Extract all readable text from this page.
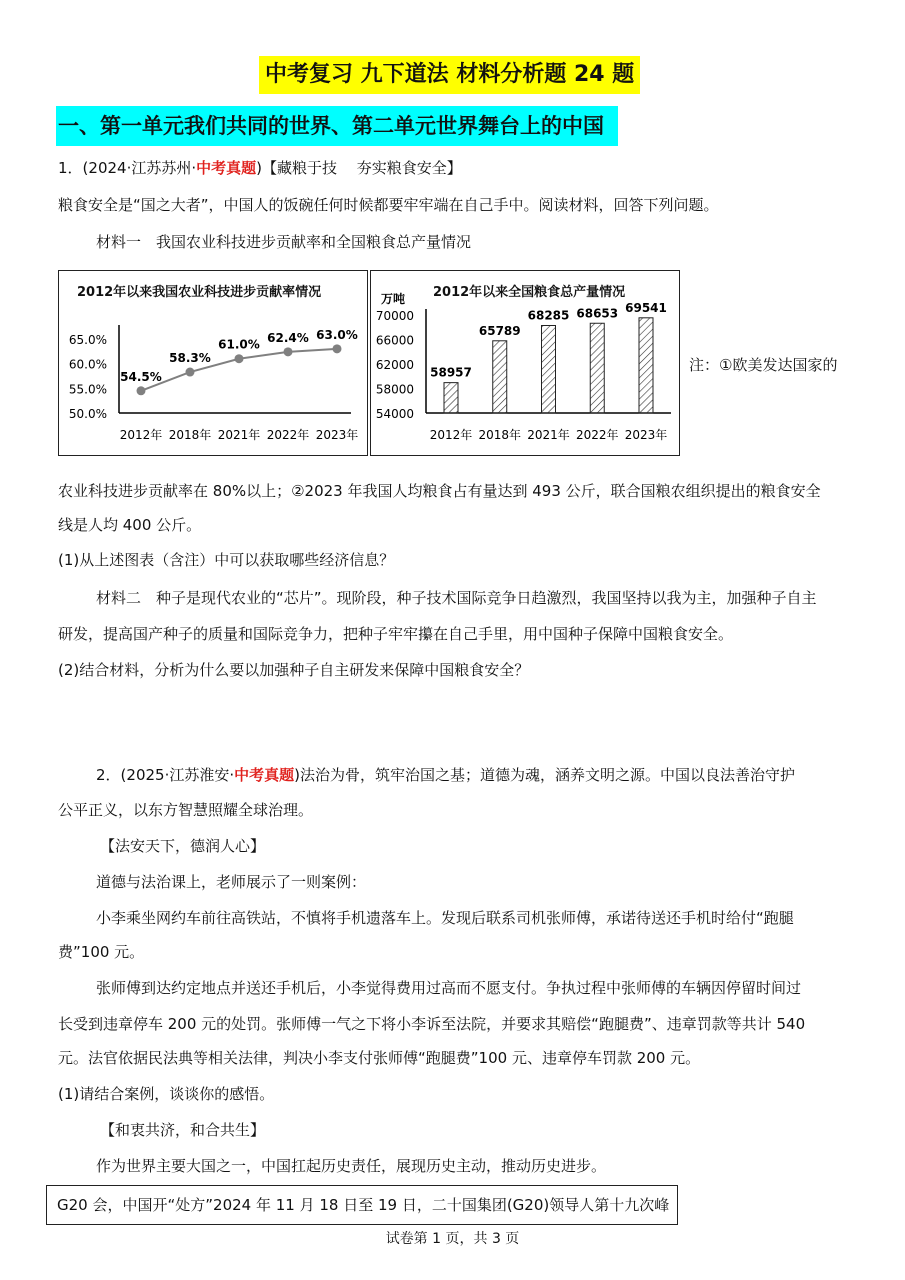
中考复习 九下道法 材料分析题 24 题
一、第一单元我们共同的世界、第二单元世界舞台上的中国
1．(2024·江苏苏州·中考真题)【藏粮于技　 夯实粮食安全】
粮食安全是“国之大者”，中国人的饭碗任何时候都要牢牢端在自己手中。阅读材料，回答下列问题。
材料一　我国农业科技进步贡献率和全国粮食总产量情况
2012年以来我国农业科技进步贡献率情况
50.0%
55.0%
60.0%
65.0%
2012年 2018年 2021年 2022年 2023年
54.5%
58.3%
61.0% 62.4% 63.0%
2012年以来全国粮食总产量情况
万吨
54000
58000
62000
66000
70000
2012年 2018年 2021年 2022年 2023年
58957
65789
68285 68653 69541
注：①欧美发达国家的
农业科技进步贡献率在 80%以上；②2023 年我国人均粮食占有量达到 493 公斤，联合国粮农组织提出的粮食安全
线是人均 400 公斤。
(1)从上述图表（含注）中可以获取哪些经济信息？
材料二　种子是现代农业的“芯片”。现阶段，种子技术国际竞争日趋激烈，我国坚持以我为主，加强种子自主
研发，提高国产种子的质量和国际竞争力，把种子牢牢攥在自己手里，用中国种子保障中国粮食安全。
(2)结合材料，分析为什么要以加强种子自主研发来保障中国粮食安全？
2．(2025·江苏淮安·中考真题)法治为骨，筑牢治国之基；道德为魂，涵养文明之源。中国以良法善治守护
公平正义，以东方智慧照耀全球治理。
【法安天下，德润人心】
道德与法治课上，老师展示了一则案例：
小李乘坐网约车前往高铁站，不慎将手机遗落车上。发现后联系司机张师傅，承诺待送还手机时给付“跑腿
费”100 元。
张师傅到达约定地点并送还手机后，小李觉得费用过高而不愿支付。争执过程中张师傅的车辆因停留时间过
长受到违章停车 200 元的处罚。张师傅一气之下将小李诉至法院，并要求其赔偿“跑腿费”、违章罚款等共计 540
元。法官依据民法典等相关法律，判决小李支付张师傅“跑腿费”100 元、违章停车罚款 200 元。
(1)请结合案例，谈谈你的感悟。
【和衷共济，和合共生】
作为世界主要大国之一，中国扛起历史责任，展现历史主动，推动历史进步。
G20 会，中国开“处方”2024 年 11 月 18 日至 19 日，二十国集团(G20)领导人第十九次峰
试卷第 1 页，共 3 页
